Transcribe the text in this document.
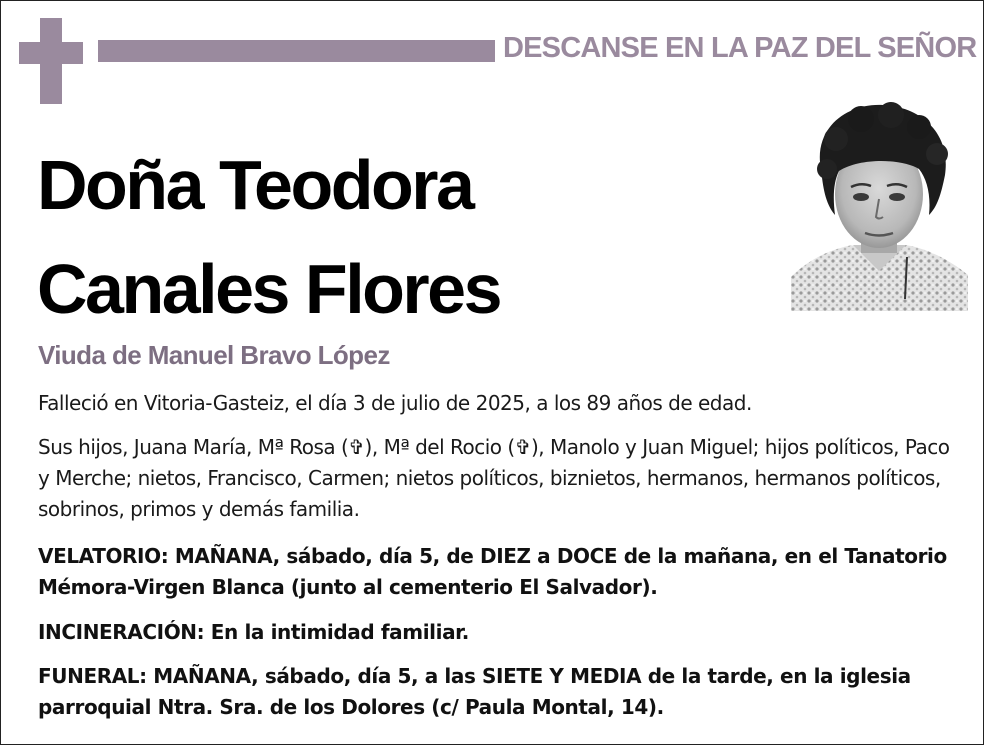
DESCANSE EN LA PAZ DEL SEÑOR
Doña Teodora
Canales Flores
Viuda de Manuel Bravo López
Falleció en Vitoria-Gasteiz, el día 3 de julio de 2025, a los 89 años de edad.
Sus hijos, Juana María, Mª Rosa (✞), Mª del Rocio (✞), Manolo y Juan Miguel; hijos políticos, Paco y Merche; nietos, Francisco, Carmen; nietos políticos, biznietos, hermanos, hermanos políticos, sobrinos, primos y demás familia.
VELATORIO: MAÑANA, sábado, día 5, de DIEZ a DOCE de la mañana, en el Tanatorio Mémora-Virgen Blanca (junto al cementerio El Salvador).
INCINERACIÓN: En la intimidad familiar.
FUNERAL: MAÑANA, sábado, día 5, a las SIETE Y MEDIA de la tarde, en la iglesia parroquial Ntra. Sra. de los Dolores (c/ Paula Montal, 14).
